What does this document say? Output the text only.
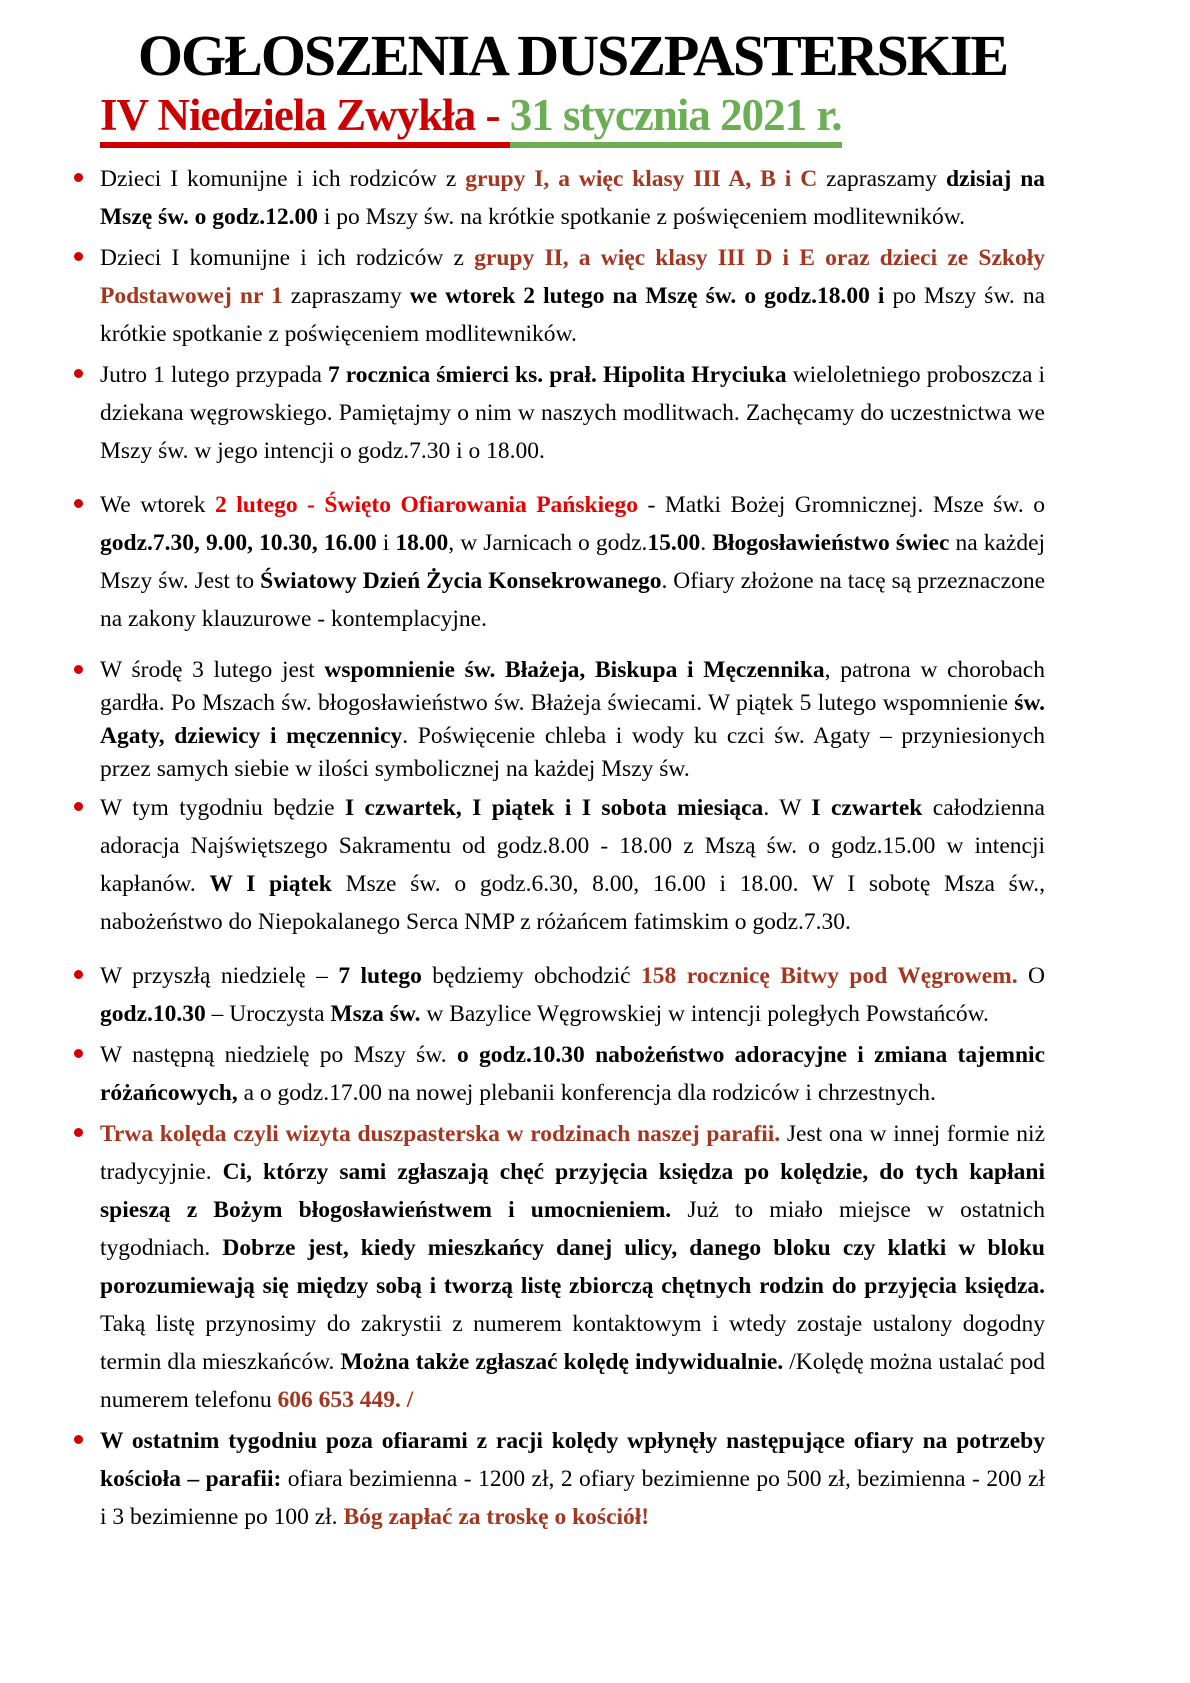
OGŁOSZENIA DUSZPASTERSKIE
IV Niedziela Zwykła - 31 stycznia 2021 r.

Dzieci I komunijne i ich rodziców z grupy I, a więc klasy III A, B i C zapraszamy dzisiaj na Mszę św. o godz.12.00 i po Mszy św. na krótkie spotkanie z poświęceniem modlitewników.

Dzieci I komunijne i ich rodziców z grupy II, a więc klasy III D i E oraz dzieci ze Szkoły Podstawowej nr 1 zapraszamy we wtorek 2 lutego na Mszę św. o godz.18.00 i po Mszy św. na krótkie spotkanie z poświęceniem modlitewników.

Jutro 1 lutego przypada 7 rocznica śmierci ks. prał. Hipolita Hryciuka wieloletniego proboszcza i dziekana węgrowskiego. Pamiętajmy o nim w naszych modlitwach. Zachęcamy do uczestnictwa we Mszy św. w jego intencji o godz.7.30 i o 18.00.

We wtorek 2 lutego - Święto Ofiarowania Pańskiego - Matki Bożej Gromnicznej. Msze św. o godz.7.30, 9.00, 10.30, 16.00 i 18.00, w Jarnicach o godz.15.00. Błogosławieństwo świec na każdej Mszy św. Jest to Światowy Dzień Życia Konsekrowanego. Ofiary złożone na tacę są przeznaczone na zakony klauzurowe - kontemplacyjne.

W środę 3 lutego jest wspomnienie św. Błażeja, Biskupa i Męczennika, patrona w chorobach gardła. Po Mszach św. błogosławieństwo św. Błażeja świecami. W piątek 5 lutego wspomnienie św. Agaty, dziewicy i męczennicy. Poświęcenie chleba i wody ku czci św. Agaty – przyniesionych przez samych siebie w ilości symbolicznej na każdej Mszy św.

W tym tygodniu będzie I czwartek, I piątek i I sobota miesiąca. W I czwartek całodzienna adoracja Najświętszego Sakramentu od godz.8.00 - 18.00 z Mszą św. o godz.15.00 w intencji kapłanów. W I piątek Msze św. o godz.6.30, 8.00, 16.00 i 18.00. W I sobotę Msza św., nabożeństwo do Niepokalanego Serca NMP z różańcem fatimskim o godz.7.30.

W przyszłą niedzielę – 7 lutego będziemy obchodzić 158 rocznicę Bitwy pod Węgrowem. O godz.10.30 – Uroczysta Msza św. w Bazylice Węgrowskiej w intencji poległych Powstańców.

W następną niedzielę po Mszy św. o godz.10.30 nabożeństwo adoracyjne i zmiana tajemnic różańcowych, a o godz.17.00 na nowej plebanii konferencja dla rodziców i chrzestnych.

Trwa kolęda czyli wizyta duszpasterska w rodzinach naszej parafii. Jest ona w innej formie niż tradycyjnie. Ci, którzy sami zgłaszają chęć przyjęcia księdza po kolędzie, do tych kapłani spieszą z Bożym błogosławieństwem i umocnieniem. Już to miało miejsce w ostatnich tygodniach. Dobrze jest, kiedy mieszkańcy danej ulicy, danego bloku czy klatki w bloku porozumiewają się między sobą i tworzą listę zbiorczą chętnych rodzin do przyjęcia księdza. Taką listę przynosimy do zakrystii z numerem kontaktowym i wtedy zostaje ustalony dogodny termin dla mieszkańców. Można także zgłaszać kolędę indywidualnie. /Kolędę można ustalać pod numerem telefonu 606 653 449. /

W ostatnim tygodniu poza ofiarami z racji kolędy wpłynęły następujące ofiary na potrzeby kościoła – parafii: ofiara bezimienna - 1200 zł, 2 ofiary bezimienne po 500 zł, bezimienna - 200 zł i 3 bezimienne po 100 zł. Bóg zapłać za troskę o kościół!
